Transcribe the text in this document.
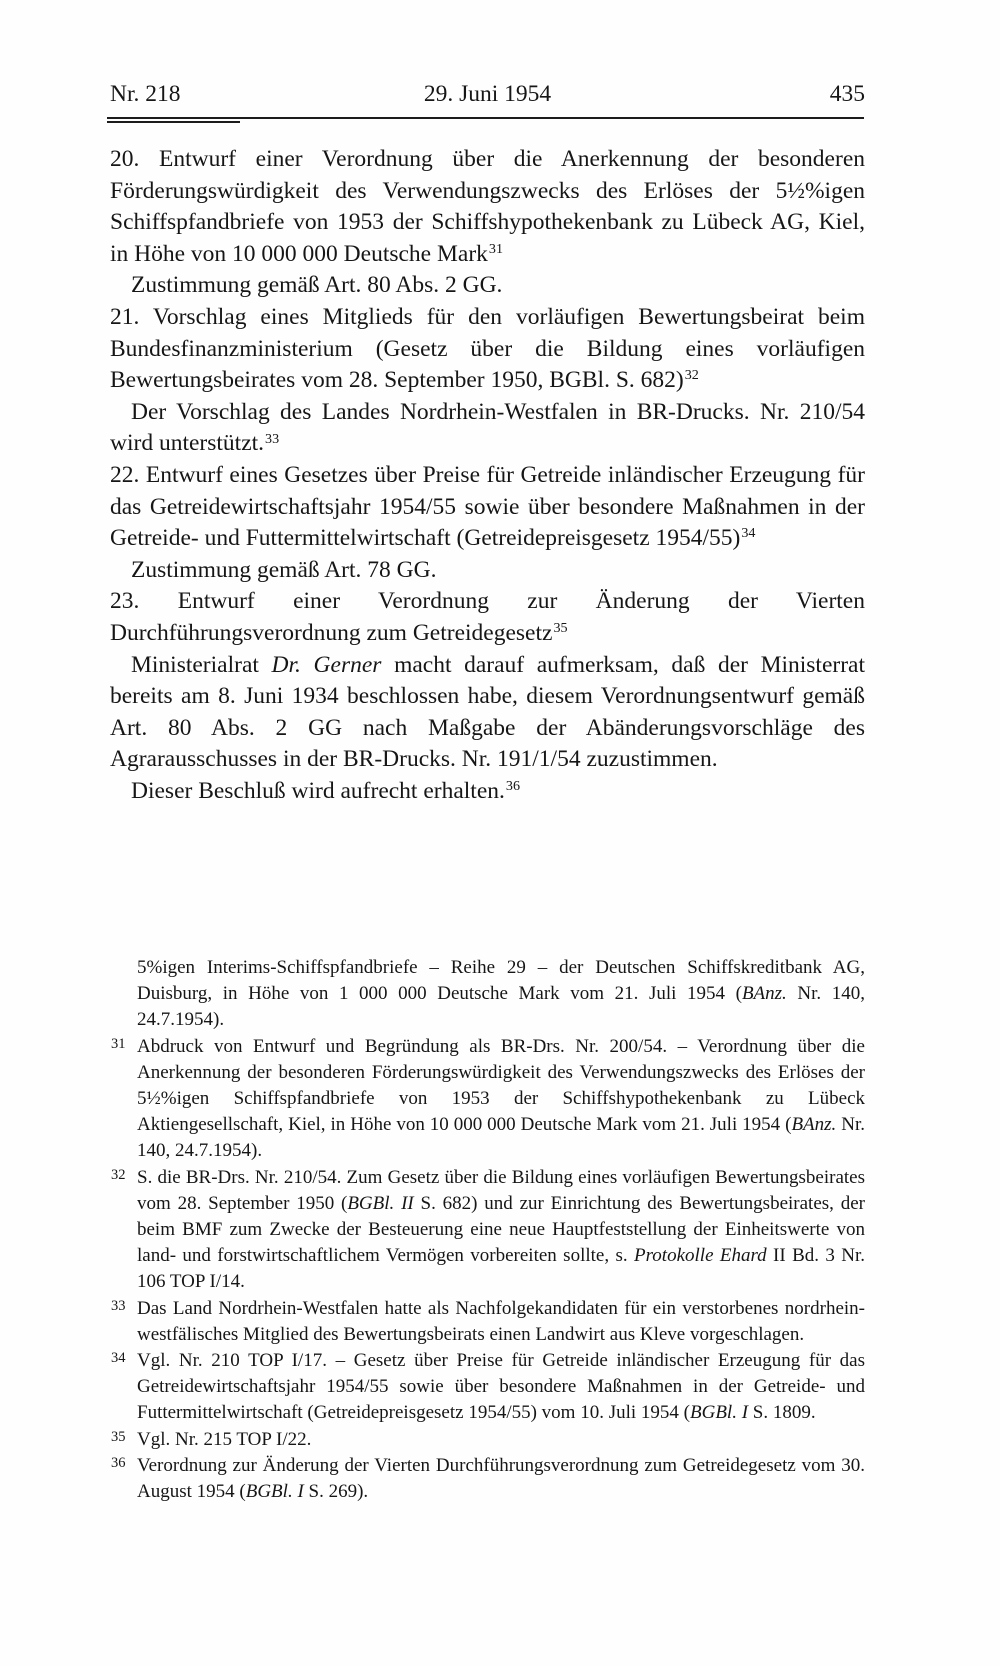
Nr. 218	29. Juni 1954	435

20. Entwurf einer Verordnung über die Anerkennung der besonderen Förderungswürdigkeit des Verwendungszwecks des Erlöses der 5½%igen Schiffspfandbriefe von 1953 der Schiffshypothekenbank zu Lübeck AG, Kiel, in Höhe von 10 000 000 Deutsche Mark$^{31}$

Zustimmung gemäß Art. 80 Abs. 2 GG.

21. Vorschlag eines Mitglieds für den vorläufigen Bewertungsbeirat beim Bundesfinanzministerium (Gesetz über die Bildung eines vorläufigen Bewertungsbeirates vom 28. September 1950, BGBl. S. 682)$^{32}$

Der Vorschlag des Landes Nordrhein-Westfalen in BR-Drucks. Nr. 210/54 wird unterstützt.$^{33}$

22. Entwurf eines Gesetzes über Preise für Getreide inländischer Erzeugung für das Getreidewirtschaftsjahr 1954/55 sowie über besondere Maßnahmen in der Getreide- und Futtermittelwirtschaft (Getreidepreisgesetz 1954/55)$^{34}$

Zustimmung gemäß Art. 78 GG.

23. Entwurf einer Verordnung zur Änderung der Vierten Durchführungsverordnung zum Getreidegesetz$^{35}$

Ministerialrat Dr. Gerner macht darauf aufmerksam, daß der Ministerrat bereits am 8. Juni 1934 beschlossen habe, diesem Verordnungsentwurf gemäß Art. 80 Abs. 2 GG nach Maßgabe der Abänderungsvorschläge des Agrarausschusses in der BR-Drucks. Nr. 191/1/54 zuzustimmen.

Dieser Beschluß wird aufrecht erhalten.$^{36}$

5%igen Interims-Schiffspfandbriefe – Reihe 29 – der Deutschen Schiffskreditbank AG, Duisburg, in Höhe von 1 000 000 Deutsche Mark vom 21. Juli 1954 (BAnz. Nr. 140, 24.7.1954).

31 Abdruck von Entwurf und Begründung als BR-Drs. Nr. 200/54. – Verordnung über die Anerkennung der besonderen Förderungswürdigkeit des Verwendungszwecks des Erlöses der 5½%igen Schiffspfandbriefe von 1953 der Schiffshypothekenbank zu Lübeck Aktiengesellschaft, Kiel, in Höhe von 10 000 000 Deutsche Mark vom 21. Juli 1954 (BAnz. Nr. 140, 24.7.1954).

32 S. die BR-Drs. Nr. 210/54. Zum Gesetz über die Bildung eines vorläufigen Bewertungsbeirates vom 28. September 1950 (BGBl. II S. 682) und zur Einrichtung des Bewertungsbeirates, der beim BMF zum Zwecke der Besteuerung eine neue Hauptfeststellung der Einheitswerte von land- und forstwirtschaftlichem Vermögen vorbereiten sollte, s. Protokolle Ehard II Bd. 3 Nr. 106 TOP I/14.

33 Das Land Nordrhein-Westfalen hatte als Nachfolgekandidaten für ein verstorbenes nordrhein-westfälisches Mitglied des Bewertungsbeirats einen Landwirt aus Kleve vorgeschlagen.

34 Vgl. Nr. 210 TOP I/17. – Gesetz über Preise für Getreide inländischer Erzeugung für das Getreidewirtschaftsjahr 1954/55 sowie über besondere Maßnahmen in der Getreide- und Futtermittelwirtschaft (Getreidepreisgesetz 1954/55) vom 10. Juli 1954 (BGBl. I S. 1809.

35 Vgl. Nr. 215 TOP I/22.

36 Verordnung zur Änderung der Vierten Durchführungsverordnung zum Getreidegesetz vom 30. August 1954 (BGBl. I S. 269).
